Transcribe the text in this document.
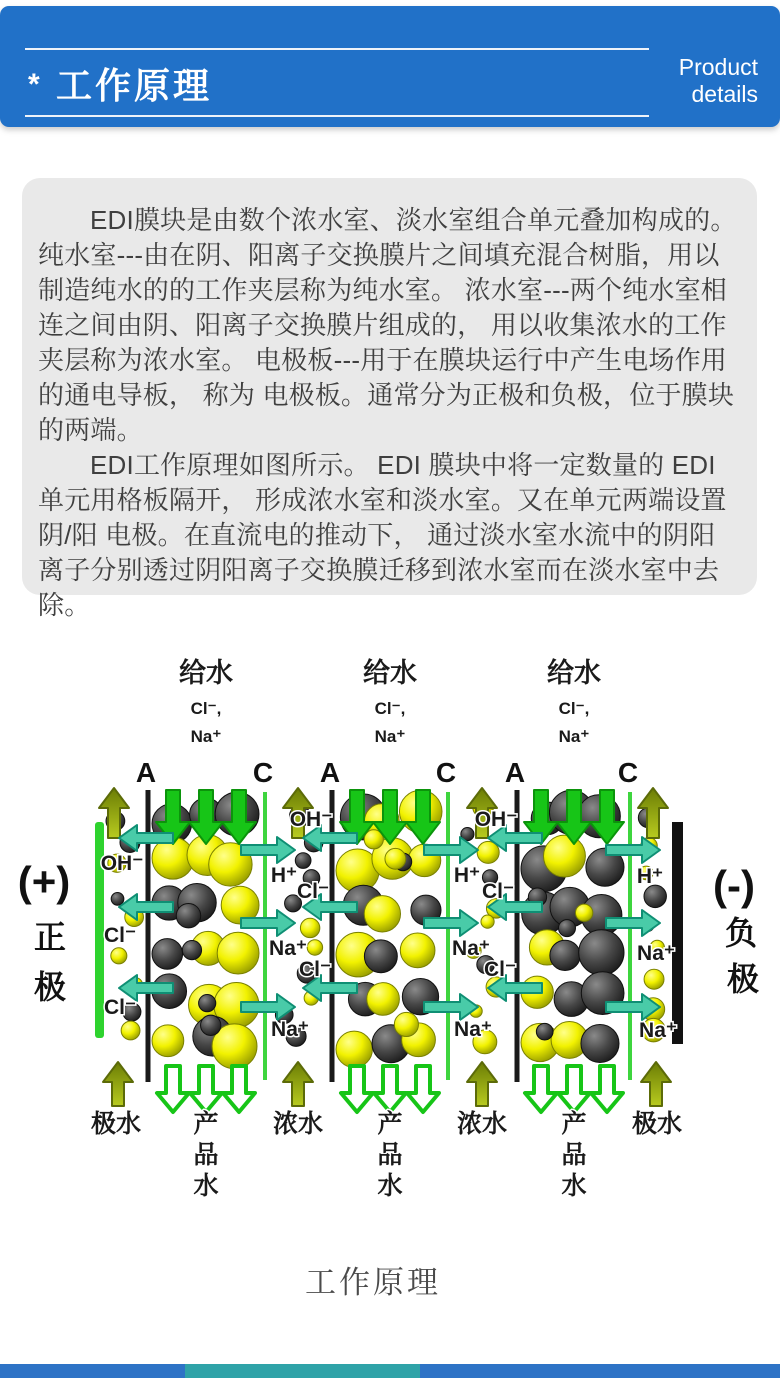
* 工作原理	Product
details

EDI膜块是由数个浓水室、淡水室组合单元叠加构成的。 纯水室---由在阴、阳离子交换膜片之间填充混合树脂，用以 制造纯水的的工作夹层称为纯水室。 浓水室---两个纯水室相连之间由阴、阳离子交换膜片组成的， 用以收集浓水的工作夹层称为浓水室。 电极板---用于在膜块运行中产生电场作用的通电导板， 称为 电极板。通常分为正极和负极，位于膜块的两端。

EDI工作原理如图所示。 EDI 膜块中将一定数量的 EDI 单元用格板隔开， 形成浓水室和淡水室。又在单元两端设置 阴/阳 电极。在直流电的推动下， 通过淡水室水流中的阴阳 离子分别透过阴阳离子交换膜迁移到浓水室而在淡水室中去除。

给水
Cl⁻,
Na⁺
给水
Cl⁻,
Na⁺
给水
Cl⁻,
Na⁺
A	A	A
C	C	C
OH⁻
H⁺
Cl⁻
Na⁺
Cl⁻
Na⁺
OH⁻
H⁺
Cl⁻
Na⁺
Cl⁻
Na⁺
OH⁻
Cl⁻
Cl⁻
H⁺
Na⁺
Na⁺
(+)
正
极
(-)
负
极
极水 产
品
水
浓水 产
品
水
浓水 产
品
水
极水
工作原理
